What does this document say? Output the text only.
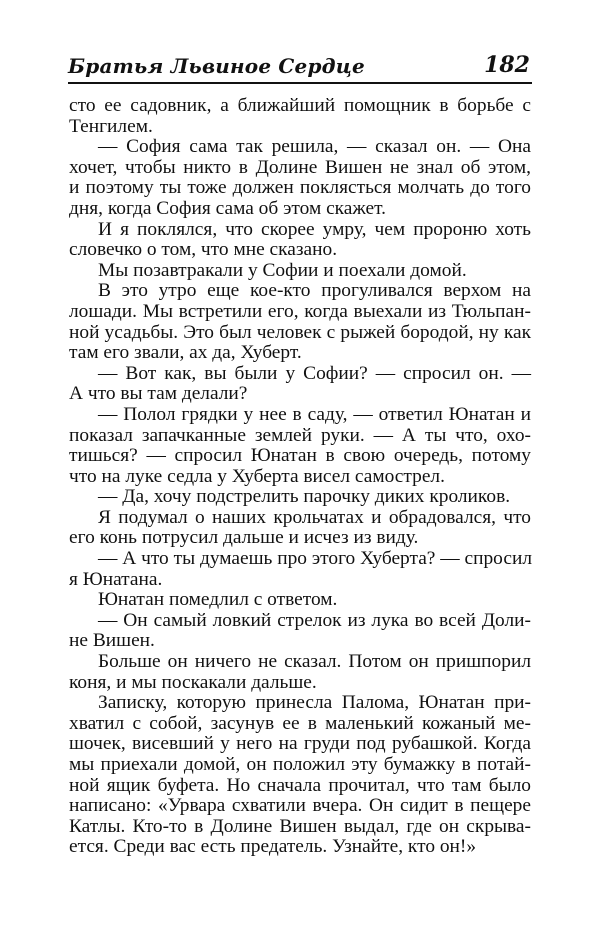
Братья Львиное Сердце	182
сто ее садовник, а ближайший помощник в борьбе с
Тенгилем.
— София сама так решила, — сказал он. — Она
хочет, чтобы никто в Долине Вишен не знал об этом,
и поэтому ты тоже должен поклясться молчать до того
дня, когда София сама об этом скажет.
И я поклялся, что скорее умру, чем пророню хоть
словечко о том, что мне сказано.
Мы позавтракали у Софии и поехали домой.
В это утро еще кое-кто прогуливался верхом на
лошади. Мы встретили его, когда выехали из Тюльпан-
ной усадьбы. Это был человек с рыжей бородой, ну как
там его звали, ах да, Хуберт.
— Вот как, вы были у Софии? — спросил он. —
А что вы там делали?
— Полол грядки у нее в саду, — ответил Юнатан и
показал запачканные землей руки. — А ты что, охо-
тишься? — спросил Юнатан в свою очередь, потому
что на луке седла у Хуберта висел самострел.
— Да, хочу подстрелить парочку диких кроликов.
Я подумал о наших крольчатах и обрадовался, что
его конь потрусил дальше и исчез из виду.
— А что ты думаешь про этого Хуберта? — спросил
я Юнатана.
Юнатан помедлил с ответом.
— Он самый ловкий стрелок из лука во всей Доли-
не Вишен.
Больше он ничего не сказал. Потом он пришпорил
коня, и мы поскакали дальше.
Записку, которую принесла Палома, Юнатан при-
хватил с собой, засунув ее в маленький кожаный ме-
шочек, висевший у него на груди под рубашкой. Когда
мы приехали домой, он положил эту бумажку в потай-
ной ящик буфета. Но сначала прочитал, что там было
написано: «Урвара схватили вчера. Он сидит в пещере
Катлы. Кто-то в Долине Вишен выдал, где он скрыва-
ется. Среди вас есть предатель. Узнайте, кто он!»
